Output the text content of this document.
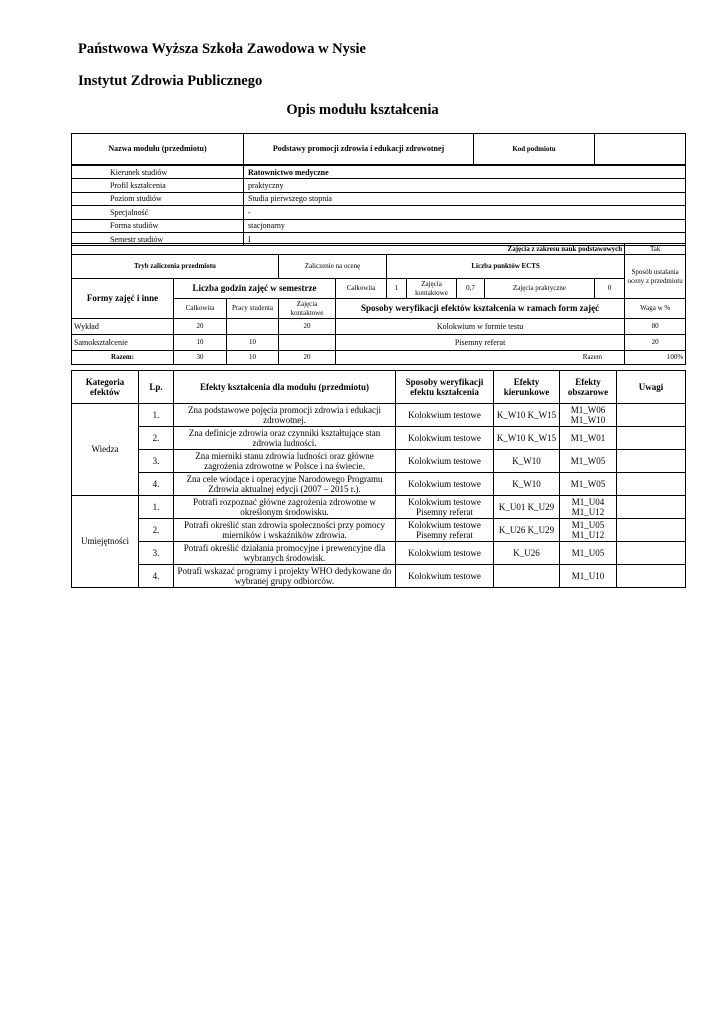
Państwowa Wyższa Szkoła Zawodowa w Nysie
Instytut Zdrowia Publicznego
Opis modułu kształcenia
Nazwa modułu (przedmiotu)	Podstawy promocji zdrowia i edukacji zdrowotnej	Kod podmiotu	
Kierunek studiów	Ratownictwo medyczne
Profil kształcenia	praktyczny
Poziom studiów	Studia pierwszego stopnia
Specjalność	-
Forma studiów	stacjonarny
Semestr studiów	I
Zajęcia z zakresu nauk podstawowych										Tak
Tryb zaliczenia przedmiotu			Zaliczenie na ocenę		Liczba punktów ECTS					Sposób ustalania oceny z przedmiotu
Formy zajęć i inne	Liczba godzin zajęć w semestrze			Całkowita	1	Zajęcia kontaktowe	0,7	Zajęcia praktyczne	0	
	Całkowita	Pracy studenta	Zajęcia kontaktowe	Sposoby weryfikacji efektów kształcenia w ramach form zajęć						Waga w %
Wykład	20		20	Kolokwium w formie testu						80
Samokształcenie	10	10		Pisemny referat						20
Razem:	30	10	20	Razem						100%
Kategoria efektów	Lp.	Efekty kształcenia dla modułu (przedmiotu)	Sposoby weryfikacji efektu kształcenia	Efekty kierunkowe	Efekty obszarowe	Uwagi
Wiedza	1.	Zna podstawowe pojęcia promocji zdrowia i edukacji zdrowotnej.	Kolokwium testowe	K_W10 K_W15	M1_W06 M1_W10	
	2.	Zna definicje zdrowia oraz czynniki kształtujące stan zdrowia ludności.	Kolokwium testowe	K_W10 K_W15	M1_W01	
	3.	Zna mierniki stanu zdrowia ludności oraz główne zagrożenia zdrowotne w Polsce i na świecie.	Kolokwium testowe	K_W10	M1_W05	
	4.	Zna cele wiodące i operacyjne Narodowego Programu Zdrowia aktualnej edycji (2007 – 2015 r.).	Kolokwium testowe	K_W10	M1_W05	
Umiejętności	1.	Potrafi rozpoznać główne zagrożenia zdrowotne w określonym środowisku.	Kolokwium testowe Pisemny referat	K_U01 K_U29	M1_U04 M1_U12	
	2.	Potrafi określić stan zdrowia społeczności przy pomocy mierników i wskaźników zdrowia.	Kolokwium testowe Pisemny referat	K_U26 K_U29	M1_U05 M1_U12	
	3.	Potrafi określić działania promocyjne i prewencyjne dla wybranych środowisk.	Kolokwium testowe	K_U26	M1_U05	
	4.	Potrafi wskazać programy i projekty WHO dedykowane do wybranej grupy odbiorców.	Kolokwium testowe		M1_U10	
